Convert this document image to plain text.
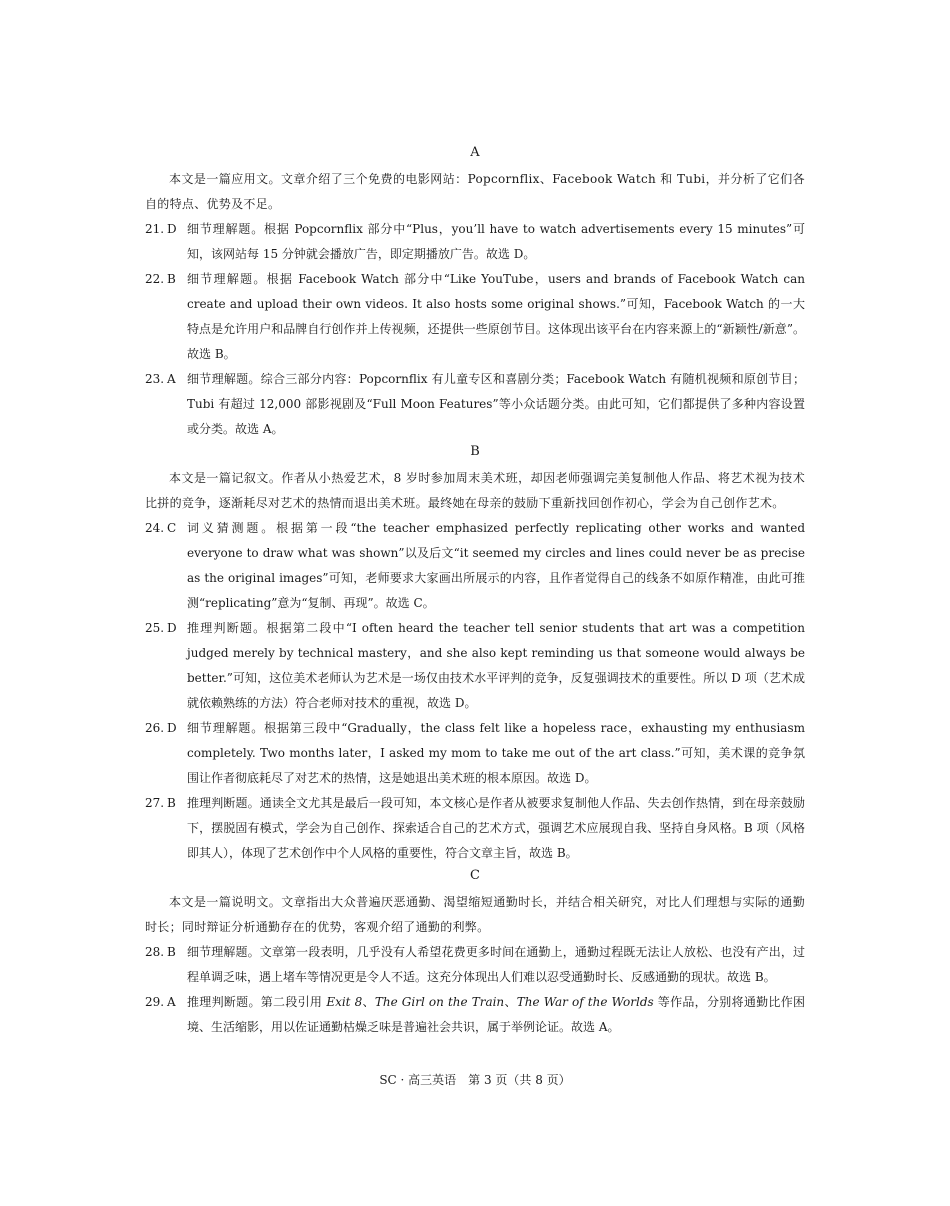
A

本文是一篇应用文。文章介绍了三个免费的电影网站：Popcornflix、Facebook Watch 和 Tubi，并分析了它们各自的特点、优势及不足。

21. D 细节理解题。根据 Popcornflix 部分中“Plus，you’ll have to watch advertisements every 15 minutes”可知，该网站每 15 分钟就会播放广告，即定期播放广告。故选 D。
22. B 细节理解题。根据 Facebook Watch 部分中“Like YouTube，users and brands of Facebook Watch can create and upload their own videos. It also hosts some original shows.”可知，Facebook Watch 的一大特点是允许用户和品牌自行创作并上传视频，还提供一些原创节目。这体现出该平台在内容来源上的“新颖性/新意”。故选 B。
23. A 细节理解题。综合三部分内容：Popcornflix 有儿童专区和喜剧分类；Facebook Watch 有随机视频和原创节目；Tubi 有超过 12,000 部影视剧及“Full Moon Features”等小众话题分类。由此可知，它们都提供了多种内容设置或分类。故选 A。
B

本文是一篇记叙文。作者从小热爱艺术，8 岁时参加周末美术班，却因老师强调完美复制他人作品、将艺术视为技术比拼的竞争，逐渐耗尽对艺术的热情而退出美术班。最终她在母亲的鼓励下重新找回创作初心，学会为自己创作艺术。

24. C 词义猜测题。根据第一段“the teacher emphasized perfectly replicating other works and wanted everyone to draw what was shown”以及后文“it seemed my circles and lines could never be as precise as the original images”可知，老师要求大家画出所展示的内容，且作者觉得自己的线条不如原作精准，由此可推测“replicating”意为“复制、再现”。故选 C。
25. D 推理判断题。根据第二段中“I often heard the teacher tell senior students that art was a competition judged merely by technical mastery，and she also kept reminding us that someone would always be better.”可知，这位美术老师认为艺术是一场仅由技术水平评判的竞争，反复强调技术的重要性。所以 D 项（艺术成就依赖熟练的方法）符合老师对技术的重视，故选 D。
26. D 细节理解题。根据第三段中“Gradually，the class felt like a hopeless race，exhausting my enthusiasm completely. Two months later，I asked my mom to take me out of the art class.”可知，美术课的竞争氛围让作者彻底耗尽了对艺术的热情，这是她退出美术班的根本原因。故选 D。
27. B 推理判断题。通读全文尤其是最后一段可知，本文核心是作者从被要求复制他人作品、失去创作热情，到在母亲鼓励下，摆脱固有模式，学会为自己创作、探索适合自己的艺术方式，强调艺术应展现自我、坚持自身风格。B 项（风格即其人），体现了艺术创作中个人风格的重要性，符合文章主旨，故选 B。
C

本文是一篇说明文。文章指出大众普遍厌恶通勤、渴望缩短通勤时长，并结合相关研究，对比人们理想与实际的通勤时长；同时辩证分析通勤存在的优势，客观介绍了通勤的利弊。

28. B 细节理解题。文章第一段表明，几乎没有人希望花费更多时间在通勤上，通勤过程既无法让人放松、也没有产出，过程单调乏味，遇上堵车等情况更是令人不适。这充分体现出人们难以忍受通勤时长、反感通勤的现状。故选 B。
29. A 推理判断题。第二段引用 Exit 8、The Girl on the Train、The War of the Worlds 等作品，分别将通勤比作困境、生活缩影，用以佐证通勤枯燥乏味是普遍社会共识，属于举例论证。故选 A。
SC · 高三英语　第 3 页（共 8 页）
